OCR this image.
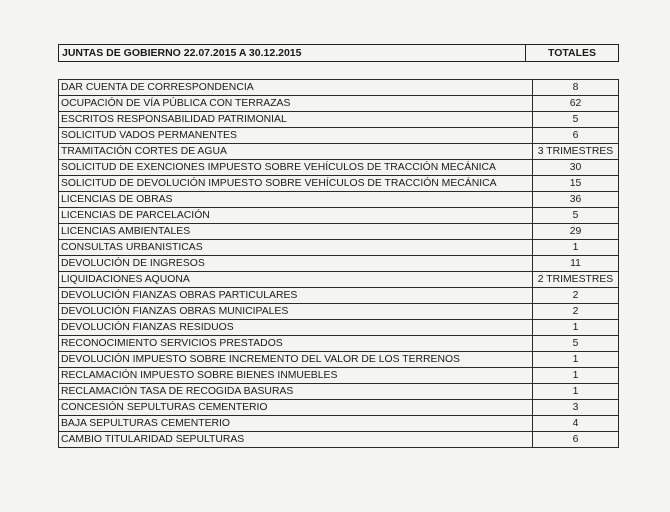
JUNTAS DE GOBIERNO 22.07.2015 A 30.12.2015	TOTALES
DAR CUENTA DE CORRESPONDENCIA	8
OCUPACIÓN DE VÍA PÚBLICA CON TERRAZAS	62
ESCRITOS RESPONSABILIDAD PATRIMONIAL	5
SOLICITUD VADOS PERMANENTES	6
TRAMITACIÓN CORTES DE AGUA	3 TRIMESTRES
SOLICITUD DE EXENCIONES IMPUESTO SOBRE VEHÍCULOS DE TRACCIÓN MECÁNICA	30
SOLICITUD DE DEVOLUCIÓN IMPUESTO SOBRE VEHÍCULOS DE TRACCIÓN MECÁNICA	15
LICENCIAS DE OBRAS	36
LICENCIAS DE PARCELACIÓN	5
LICENCIAS AMBIENTALES	29
CONSULTAS URBANISTICAS	1
DEVOLUCIÓN DE INGRESOS	11
LIQUIDACIONES AQUONA	2 TRIMESTRES
DEVOLUCIÓN FIANZAS OBRAS PARTICULARES	2
DEVOLUCIÓN FIANZAS OBRAS MUNICIPALES	2
DEVOLUCIÓN FIANZAS RESIDUOS	1
RECONOCIMIENTO SERVICIOS PRESTADOS	5
DEVOLUCIÓN IMPUESTO SOBRE INCREMENTO DEL VALOR DE LOS TERRENOS	1
RECLAMACIÓN IMPUESTO SOBRE BIENES INMUEBLES	1
RECLAMACIÓN TASA DE RECOGIDA BASURAS	1
CONCESIÓN SEPULTURAS CEMENTERIO	3
BAJA SEPULTURAS CEMENTERIO	4
CAMBIO TITULARIDAD SEPULTURAS	6
